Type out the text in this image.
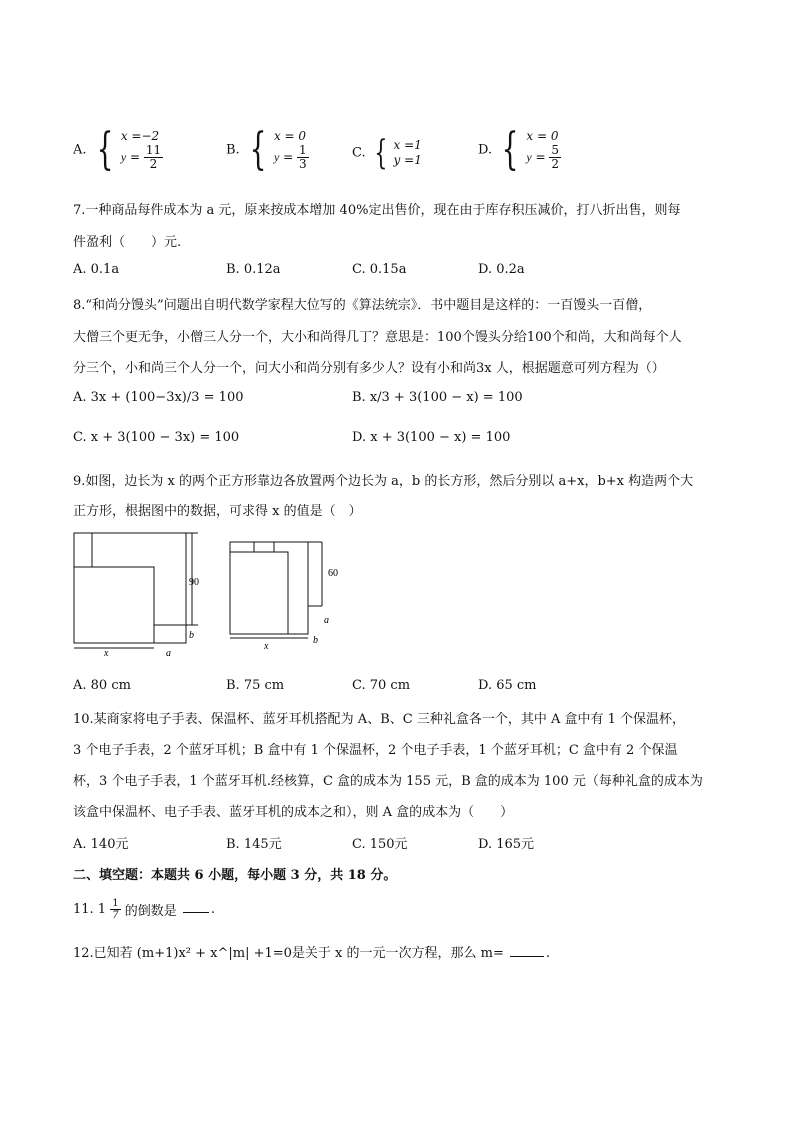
A. { x =−2
$y = \frac{11}{2}$	B. { x = 0
$y = \frac{1}{3}$	C. { x =1
y =1
D. { x = 0
$y = \frac{5}{2}$
7.一种商品每件成本为 a 元，原来按成本增加 40%定出售价，现在由于库存积压减价，打八折出售，则每
件盈利（　　）元.
A. 0.1a	B. 0.12a	C. 0.15a	D. 0.2a
8.“和尚分馒头”问题出自明代数学家程大位写的《算法统宗》．书中题目是这样的：一百馒头一百僧，
大僧三个更无争，小僧三人分一个，大小和尚得几丁？意思是：100个馒头分给100个和尚，大和尚每个人
分三个，小和尚三个人分一个，问大小和尚分别有多少人？设有小和尚3x 人，根据题意可列方程为（）
A. 3x + (100−3x)/3 = 100	B. x/3 + 3(100 − x) = 100
C. x + 3(100 − 3x) = 100	D. x + 3(100 − x) = 100
9.如图，边长为 x 的两个正方形靠边各放置两个边长为 a，b 的长方形，然后分别以 a+x，b+x 构造两个大
正方形，根据图中的数据，可求得 x 的值是（　）
90
b
x	a
60
a
x
b
A. 80 cm	B. 75 cm	C. 70 cm	D. 65 cm
10.某商家将电子手表、保温杯、蓝牙耳机搭配为 A、B、C 三种礼盒各一个，其中 A 盒中有 1 个保温杯，
3 个电子手表，2 个蓝牙耳机；B 盒中有 1 个保温杯，2 个电子手表，1 个蓝牙耳机；C 盒中有 2 个保温
杯，3 个电子手表，1 个蓝牙耳机.经核算，C 盒的成本为 155 元，B 盒的成本为 100 元（每种礼盒的成本为
该盒中保温杯、电子手表、蓝牙耳机的成本之和），则 A 盒的成本为（　　）
A. 140元	B. 145元	C. 150元	D. 165元
二、填空题：本题共 6 小题，每小题 3 分，共 18 分。
11. $1 \frac{1}{7}$ 的倒数是	.
12.已知若 (m+1)x² + x^|m| +1=0是关于 x 的一元一次方程，那么 m=	.
